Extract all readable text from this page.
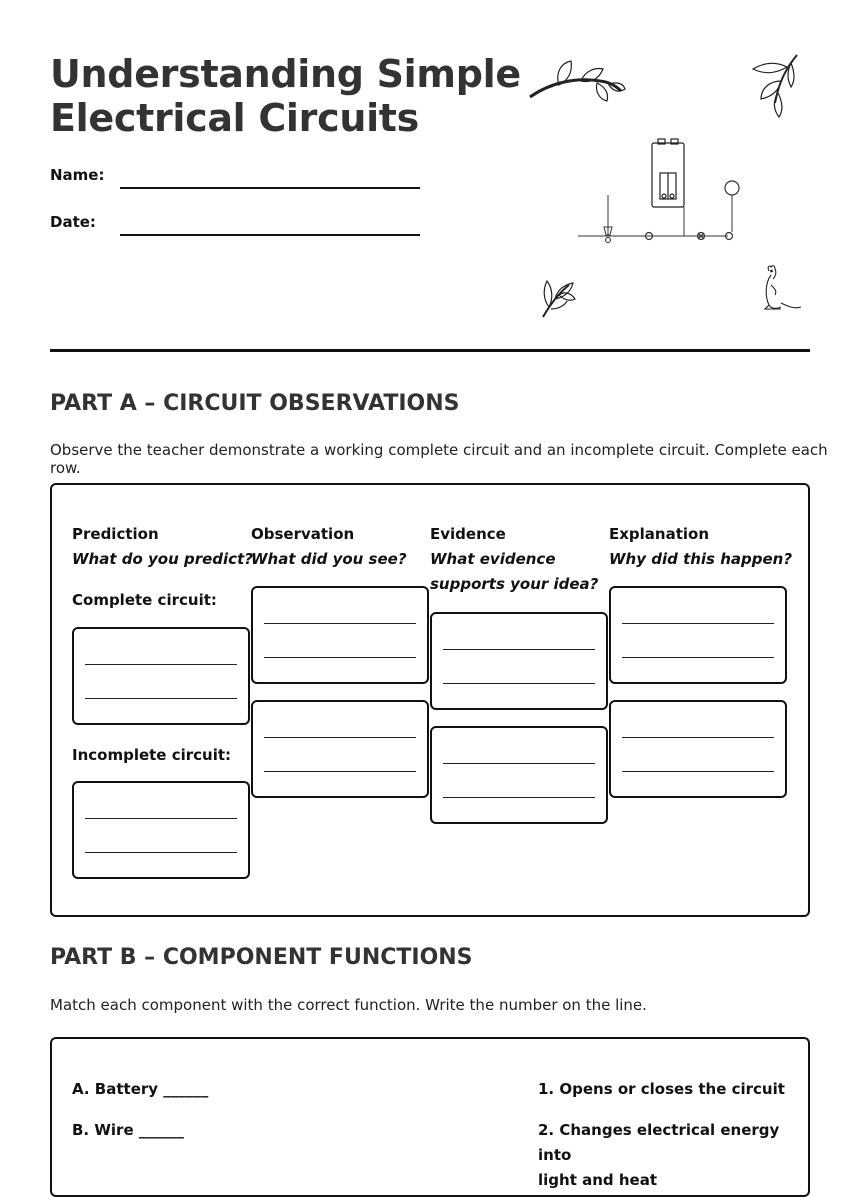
Understanding Simple
Electrical Circuits
Name:
Date:
PART A – CIRCUIT OBSERVATIONS

Observe the teacher demonstrate a working complete circuit and an incomplete circuit. Complete each row.

Prediction
What do you predict?
Observation
What did you see?
Evidence
What evidence
supports your idea?
Explanation
Why did this happen?
Complete circuit:
Incomplete circuit:
PART B – COMPONENT FUNCTIONS

Match each component with the correct function. Write the number on the line.

A. Battery ______
B. Wire ______
1. Opens or closes the circuit
2. Changes electrical energy into
light and heat
